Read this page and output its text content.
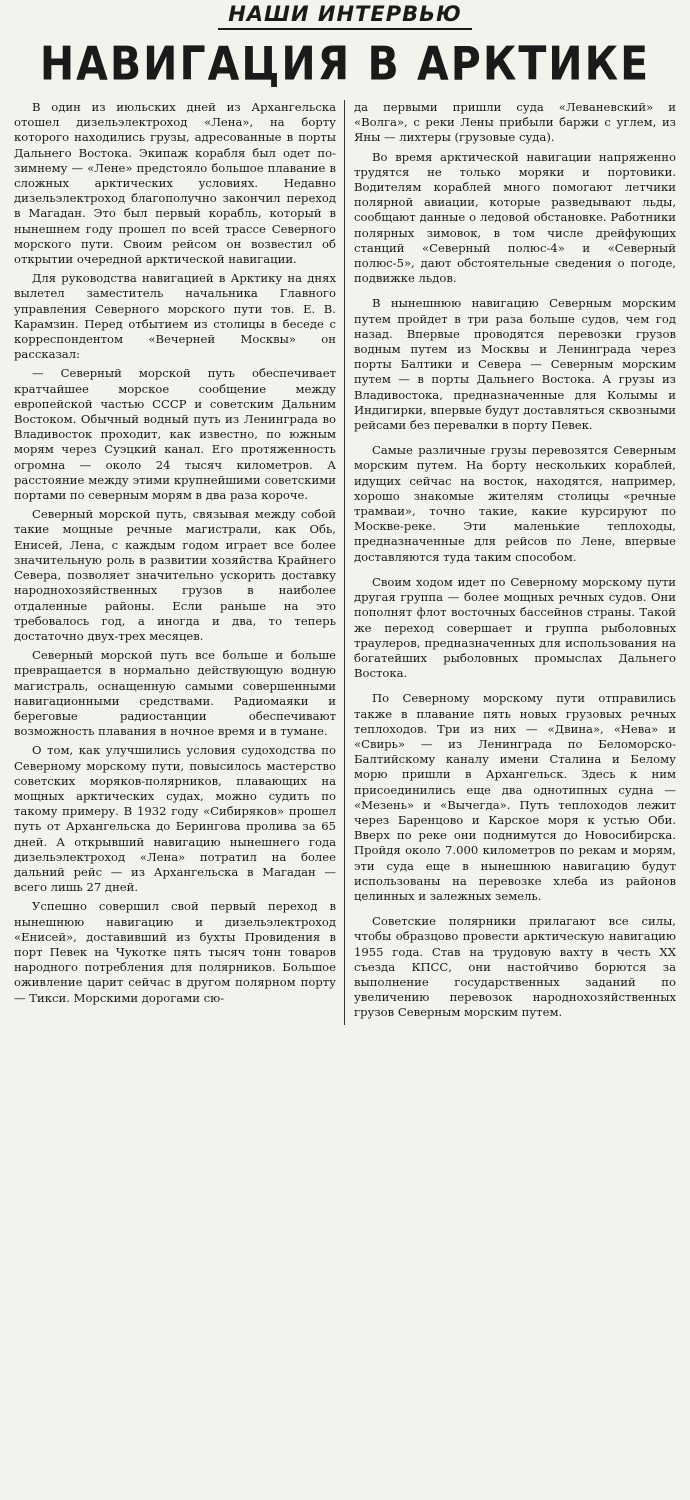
НАШИ ИНТЕРВЬЮ
НАВИГАЦИЯ В АРКТИКЕ

В один из июльских дней из Архангельска отошел дизельэлектроход «Лена», на борту которого находились грузы, адресованные в порты Дальнего Востока. Экипаж корабля был одет по-зимнему — «Лене» предстояло большое плавание в сложных арктических условиях. Недавно дизельэлектроход благополучно закончил переход в Магадан. Это был первый корабль, который в нынешнем году прошел по всей трассе Северного морского пути. Своим рейсом он возвестил об открытии очередной арктической навигации.

Для руководства навигацией в Арктику на днях вылетел заместитель начальника Главного управления Северного морского пути тов. Е. В. Карамзин. Перед отбытием из столицы в беседе с корреспондентом «Вечерней Москвы» он рассказал:

— Северный морской путь обеспечивает кратчайшее морское сообщение между европейской частью СССР и советским Дальним Востоком. Обычный водный путь из Ленинграда во Владивосток проходит, как известно, по южным морям через Суэцкий канал. Его протяженность огромна — около 24 тысяч километров. А расстояние между этими крупнейшими советскими портами по северным морям в два раза короче.

Северный морской путь, связывая между собой такие мощные речные магистрали, как Обь, Енисей, Лена, с каждым годом играет все более значительную роль в развитии хозяйства Крайнего Севера, позволяет значительно ускорить доставку народнохозяйственных грузов в наиболее отдаленные районы. Если раньше на это требовалось год, а иногда и два, то теперь достаточно двух-трех месяцев.

Северный морской путь все больше и больше превращается в нормально действующую водную магистраль, оснащенную самыми совершенными навигационными средствами. Радиомаяки и береговые радиостанции обеспечивают возможность плавания в ночное время и в тумане.

О том, как улучшились условия судоходства по Северному морскому пути, повысилось мастерство советских моряков-полярников, плавающих на мощных арктических судах, можно судить по такому примеру. В 1932 году «Сибиряков» прошел путь от Архангельска до Берингова пролива за 65 дней. А открывший навигацию нынешнего года дизельэлектроход «Лена» потратил на более дальний рейс — из Архангельска в Магадан — всего лишь 27 дней.

Успешно совершил свой первый переход в нынешнюю навигацию и дизельэлектроход «Енисей», доставивший из бухты Провидения в порт Певек на Чукотке пять тысяч тонн товаров народного потребления для полярников. Большое оживление царит сейчас в другом полярном порту — Тикси. Морскими дорогами сю-

да первыми пришли суда «Леваневский» и «Волга», с реки Лены прибыли баржи с углем, из Яны — лихтеры (грузовые суда).

Во время арктической навигации напряженно трудятся не только моряки и портовики. Водителям кораблей много помогают летчики полярной авиации, которые разведывают льды, сообщают данные о ледовой обстановке. Работники полярных зимовок, в том числе дрейфующих станций «Северный полюс-4» и «Северный полюс-5», дают обстоятельные сведения о погоде, подвижке льдов.

В нынешнюю навигацию Северным морским путем пройдет в три раза больше судов, чем год назад. Впервые проводятся перевозки грузов водным путем из Москвы и Ленинграда через порты Балтики и Севера — Северным морским путем — в порты Дальнего Востока. А грузы из Владивостока, предназначенные для Колымы и Индигирки, впервые будут доставляться сквозными рейсами без перевалки в порту Певек.

Самые различные грузы перевозятся Северным морским путем. На борту нескольких кораблей, идущих сейчас на восток, находятся, например, хорошо знакомые жителям столицы «речные трамваи», точно такие, какие курсируют по Москве-реке. Эти маленькие теплоходы, предназначенные для рейсов по Лене, впервые доставляются туда таким способом.

Своим ходом идет по Северному морскому пути другая группа — более мощных речных судов. Они пополнят флот восточных бассейнов страны. Такой же переход совершает и группа рыболовных траулеров, предназначенных для использования на богатейших рыболовных промыслах Дальнего Востока.

По Северному морскому пути отправились также в плавание пять новых грузовых речных теплоходов. Три из них — «Двина», «Нева» и «Свирь» — из Ленинграда по Беломорско-Балтийскому каналу имени Сталина и Белому морю пришли в Архангельск. Здесь к ним присоединились еще два однотипных судна — «Мезень» и «Вычегда». Путь теплоходов лежит через Баренцово и Карское моря к устью Оби. Вверх по реке они поднимутся до Новосибирска. Пройдя около 7.000 километров по рекам и морям, эти суда еще в нынешнюю навигацию будут использованы на перевозке хлеба из районов целинных и залежных земель.

Советские полярники прилагают все силы, чтобы образцово провести арктическую навигацию 1955 года. Став на трудовую вахту в честь XX съезда КПСС, они настойчиво борются за выполнение государственных заданий по увеличению перевозок народнохозяйственных грузов Северным морским путем.
